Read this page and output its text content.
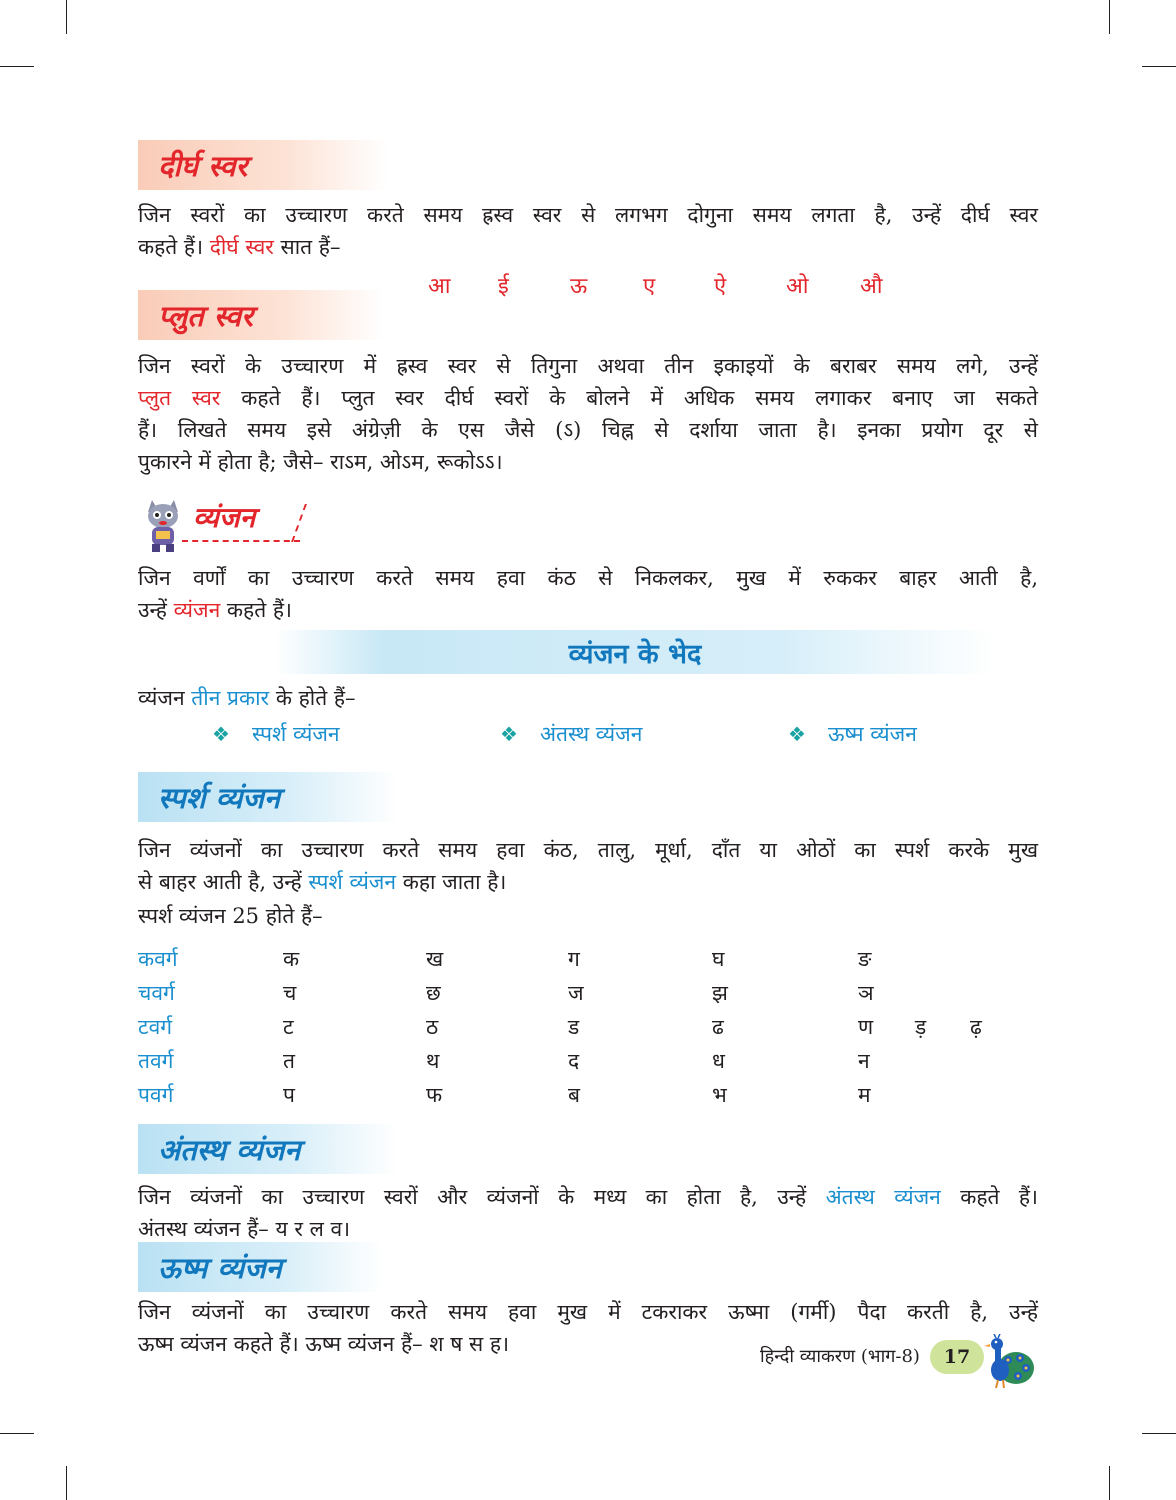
दीर्घ स्वर
जिन स्वरों का उच्चारण करते समय ह्रस्व स्वर से लगभग दोगुना समय लगता है, उन्हें दीर्घ स्वर
कहते हैं। दीर्घ स्वर सात हैं–
आ ई	ऊ	ए	ऐ	ओ औ
प्लुत स्वर
जिन स्वरों के उच्चारण में ह्रस्व स्वर से तिगुना अथवा तीन इकाइयों के बराबर समय लगे, उन्हें
प्लुत स्वर कहते हैं। प्लुत स्वर दीर्घ स्वरों के बोलने में अधिक समय लगाकर बनाए जा सकते
हैं। लिखते समय इसे अंग्रेज़ी के एस जैसे (ऽ) चिह्न से दर्शाया जाता है। इनका प्रयोग दूर से
पुकारने में होता है; जैसे– राऽम, ओऽम, रूकोऽऽ।
व्यंजन
जिन वर्णों का उच्चारण करते समय हवा कंठ से निकलकर, मुख में रुककर बाहर आती है,
उन्हें व्यंजन कहते हैं।
व्यंजन के भेद
व्यंजन तीन प्रकार के होते हैं–
❖ स्पर्श व्यंजन	❖ अंतस्थ व्यंजन	❖ ऊष्म व्यंजन
स्पर्श व्यंजन
जिन व्यंजनों का उच्चारण करते समय हवा कंठ, तालु, मूर्धा, दाँत या ओठों का स्पर्श करके मुख
से बाहर आती है, उन्हें स्पर्श व्यंजन कहा जाता है।
स्पर्श व्यंजन 25 होते हैं–
कवर्ग	क	ख	ग	घ	ङ
चवर्ग	च	छ	ज	झ	ञ
टवर्ग	ट	ठ	ड	ढ	ण ड़ ढ़
तवर्ग	त	थ	द	ध	न
पवर्ग	प	फ	ब	भ	म
अंतस्थ व्यंजन
जिन व्यंजनों का उच्चारण स्वरों और व्यंजनों के मध्य का होता है, उन्हें अंतस्थ व्यंजन कहते हैं।
अंतस्थ व्यंजन हैं– य र ल व।
ऊष्म व्यंजन
जिन व्यंजनों का उच्चारण करते समय हवा मुख में टकराकर ऊष्मा (गर्मी) पैदा करती है, उन्हें
ऊष्म व्यंजन कहते हैं। ऊष्म व्यंजन हैं– श ष स ह।
हिन्दी व्याकरण (भाग-8) 17
